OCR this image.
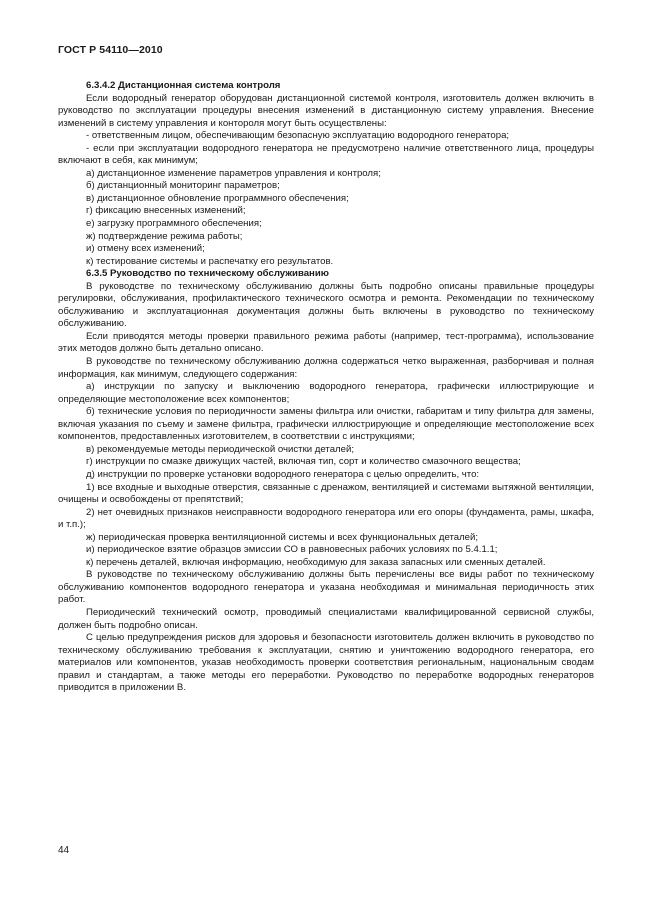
ГОСТ Р 54110—2010
6.3.4.2 Дистанционная система контроля

Если водородный генератор оборудован дистанционной системой контроля, изготовитель должен включить в руководство по эксплуатации процедуры внесения изменений в дистанционную систему управления. Внесение изменений в систему управления и контороля могут быть осуществлены:

- ответственным лицом, обеспечивающим безопасную эксплуатацию водородного генератора;

- если при эксплуатации водородного генератора не предусмотрено наличие ответственного лица, процедуры включают в себя, как минимум;

а) дистанционное изменение параметров управления и контроля;

б) дистанционный мониторинг параметров;

в) дистанционное обновление программного обеспечения;

г) фиксацию внесенных изменений;

е) загрузку программного обеспечения;

ж) подтверждение режима работы;

и) отмену всех изменений;

к) тестирование системы и распечатку его результатов.

6.3.5 Руководство по техническому обслуживанию

В руководстве по техническому обслуживанию должны быть подробно описаны правильные процедуры регулировки, обслуживания, профилактического технического осмотра и ремонта. Рекомендации по техническому обслуживанию и эксплуатационная документация должны быть включены в руководство по техническому обслуживанию.

Если приводятся методы проверки правильного режима работы (например, тест-программа), использование этих методов должно быть детально описано.

В руководстве по техническому обслуживанию должна содержаться четко выраженная, разборчивая и полная информация, как минимум, следующего содержания:

а) инструкции по запуску и выключению водородного генератора, графически иллюстрирующие и определяющие местоположение всех компонентов;

б) технические условия по периодичности замены фильтра или очистки, габаритам и типу фильтра для замены, включая указания по съему и замене фильтра, графически иллюстрирующие и определяющие местоположение всех компонентов, предоставленных изготовителем, в соответствии с инструкциями;

в) рекомендуемые методы периодической очистки деталей;

г) инструкции по смазке движущих частей, включая тип, сорт и количество смазочного вещества;

д) инструкции по проверке установки водородного генератора с целью определить, что:

1) все входные и выходные отверстия, связанные с дренажом, вентиляцией и системами вытяжной вентиляции, очищены и освобождены от препятствий;

2) нет очевидных признаков неисправности водородного генератора или его опоры (фундамента, рамы, шкафа, и т.п.);

ж) периодическая проверка вентиляционной системы и всех функциональных деталей;

и) периодическое взятие образцов эмиссии СО в равновесных рабочих условиях по 5.4.1.1;

к) перечень деталей, включая информацию, необходимую для заказа запасных или сменных деталей.

В руководстве по техническому обслуживанию должны быть перечислены все виды работ по техническому обслуживанию компонентов водородного генератора и указана необходимая и минимальная периодичность этих работ.

Периодический технический осмотр, проводимый специалистами квалифицированной сервисной службы, должен быть подробно описан.

С целью предупреждения рисков для здоровья и безопасности изготовитель должен включить в руководство по техническому обслуживанию требования к эксплуатации, снятию и уничтожению водородного генератора, его материалов или компонентов, указав необходимость проверки соответствия региональным, национальным сводам правил и стандартам, а также методы его переработки. Руководство по переработке водородных генераторов приводится в приложении В.

44
